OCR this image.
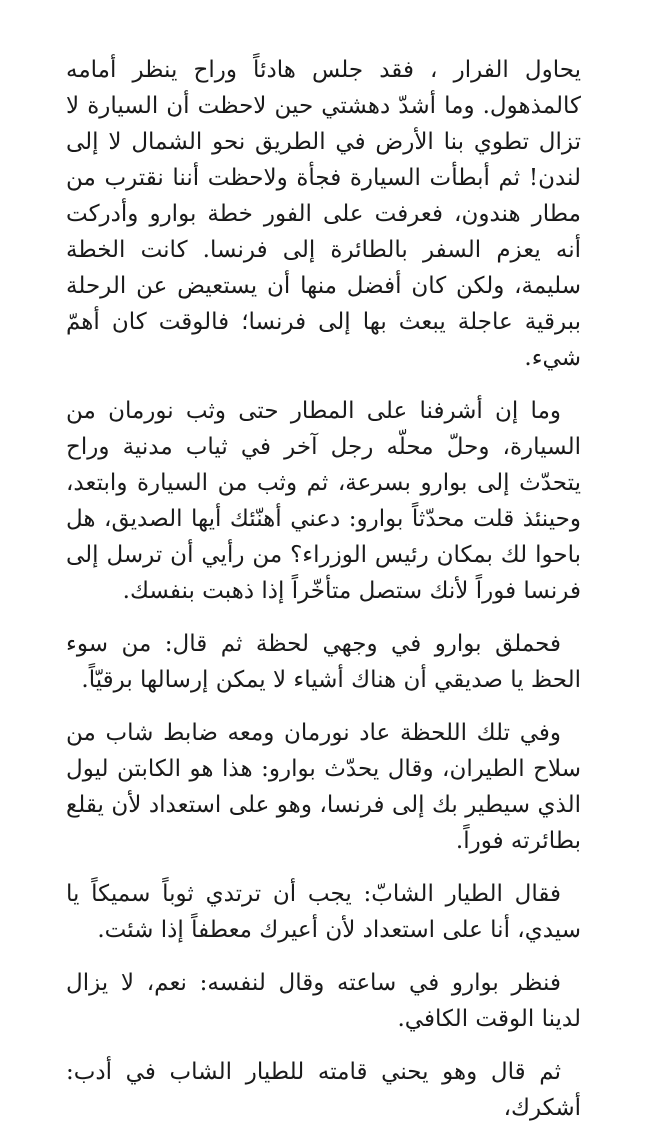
يحاول الفرار ، فقد جلس هادئاً وراح ينظر أمامه كالمذهول. وما أشدّ دهشتي حين لاحظت أن السيارة لا تزال تطوي بنا الأرض في الطريق نحو الشمال لا إلى لندن! ثم أبطأت السيارة فجأة ولاحظت أننا نقترب من مطار هندون، فعرفت على الفور خطة بوارو وأدركت أنه يعزم السفر بالطائرة إلى فرنسا. كانت الخطة سليمة، ولكن كان أفضل منها أن يستعيض عن الرحلة ببرقية عاجلة يبعث بها إلى فرنسا؛ فالوقت كان أهمّ شيء.

وما إن أشرفنا على المطار حتى وثب نورمان من السيارة، وحلّ محلّه رجل آخر في ثياب مدنية وراح يتحدّث إلى بوارو بسرعة، ثم وثب من السيارة وابتعد، وحينئذ قلت محدّثاً بوارو: دعني أهنّئك أيها الصديق، هل باحوا لك بمكان رئيس الوزراء؟ من رأيي أن ترسل إلى فرنسا فوراً لأنك ستصل متأخّراً إذا ذهبت بنفسك.

فحملق بوارو في وجهي لحظة ثم قال: من سوء الحظ يا صديقي أن هناك أشياء لا يمكن إرسالها برقيّاً.

وفي تلك اللحظة عاد نورمان ومعه ضابط شاب من سلاح الطيران، وقال يحدّث بوارو: هذا هو الكابتن ليول الذي سيطير بك إلى فرنسا، وهو على استعداد لأن يقلع بطائرته فوراً.

فقال الطيار الشابّ: يجب أن ترتدي ثوباً سميكاً يا سيدي، أنا على استعداد لأن أعيرك معطفاً إذا شئت.

فنظر بوارو في ساعته وقال لنفسه: نعم، لا يزال لدينا الوقت الكافي.

ثم قال وهو يحني قامته للطيار الشاب في أدب: أشكرك،
